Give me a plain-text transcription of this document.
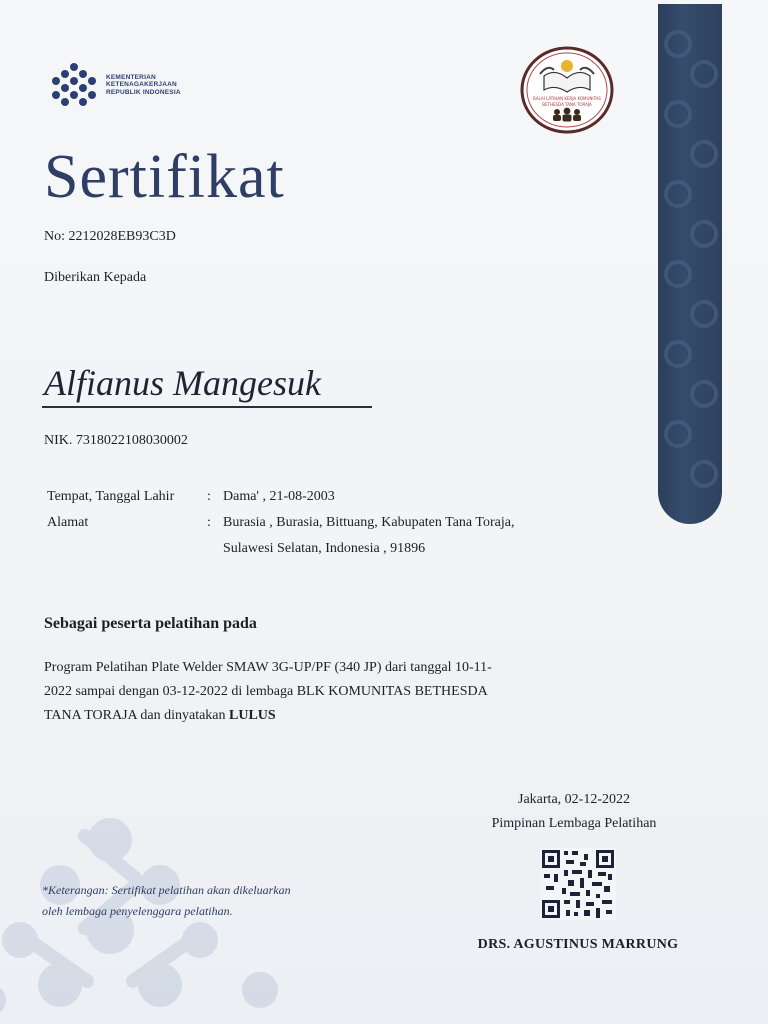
KEMENTERIAN
KETENAGAKERJAAN
REPUBLIK INDONESIA
BALAI LATIHAN KERJA KOMUNITAS
BETHESDA TANA TORAJA
Sertifikat
No: 2212028EB93C3D
Diberikan Kepada
Alfianus Mangesuk
NIK. 7318022108030002
Tempat, Tanggal Lahir	: Dama' , 21-08-2003
Alamat	: Burasia , Burasia, Bittuang, Kabupaten Tana Toraja,
Sulawesi Selatan, Indonesia , 91896
Sebagai peserta pelatihan pada
Program Pelatihan Plate Welder SMAW 3G-UP/PF (340 JP) dari tanggal 10-11-
2022 sampai dengan 03-12-2022 di lembaga BLK KOMUNITAS BETHESDA
TANA TORAJA dan dinyatakan LULUS
Jakarta, 02-12-2022
Pimpinan Lembaga Pelatihan
DRS. AGUSTINUS MARRUNG
*Keterangan: Sertifikat pelatihan akan dikeluarkan
oleh lembaga penyelenggara pelatihan.
